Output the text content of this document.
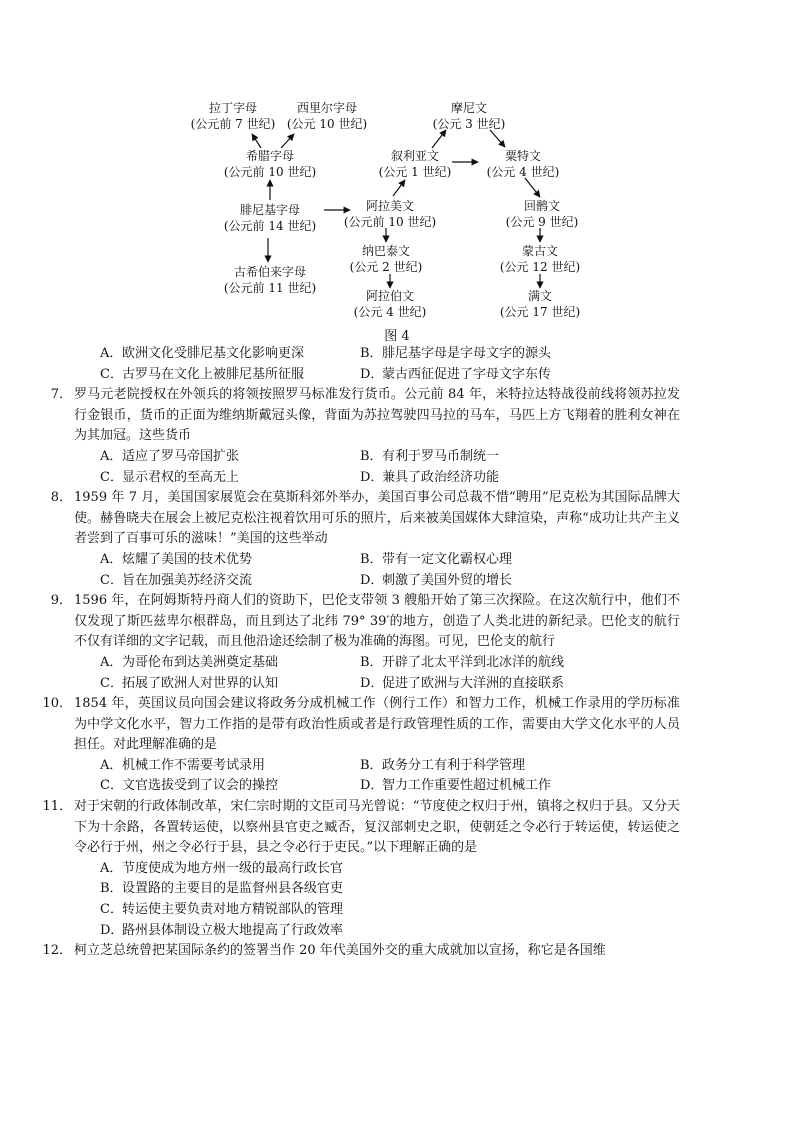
拉丁字母
(公元前 7 世纪)
西里尔字母
(公元 10 世纪)
希腊字母
(公元前 10 世纪)
腓尼基字母
(公元前 14 世纪)
古希伯来字母
(公元前 11 世纪)
摩尼文
(公元 3 世纪)
叙利亚文
(公元 1 世纪)
粟特文
(公元 4 世纪)
阿拉美文
(公元前 10 世纪)
回鹘文
(公元 9 世纪)
纳巴泰文
(公元 2 世纪)
蒙古文
(公元 12 世纪)
阿拉伯文
(公元 4 世纪)
满文
(公元 17 世纪)
图 4
A．欧洲文化受腓尼基文化影响更深	B．腓尼基字母是字母文字的源头
C．古罗马在文化上被腓尼基所征服	D．蒙古西征促进了字母文字东传
7． 罗马元老院授权在外领兵的将领按照罗马标准发行货币。公元前 84 年，米特拉达特战役前线将领苏拉发行金银币，货币的正面为维纳斯戴冠头像，背面为苏拉驾驶四马拉的马车，马匹上方飞翔着的胜利女神在为其加冠。这些货币
A．适应了罗马帝国扩张	B．有利于罗马币制统一
C．显示君权的至高无上	D．兼具了政治经济功能
8． 1959 年 7 月，美国国家展览会在莫斯科郊外举办，美国百事公司总裁不惜“聘用”尼克松为其国际品牌大使。赫鲁晓夫在展会上被尼克松注视着饮用可乐的照片，后来被美国媒体大肆渲染，声称“成功让共产主义者尝到了百事可乐的滋味！”美国的这些举动
A．炫耀了美国的技术优势	B．带有一定文化霸权心理
C．旨在加强美苏经济交流	D．刺激了美国外贸的增长
9． 1596 年，在阿姆斯特丹商人们的资助下，巴伦支带领 3 艘船开始了第三次探险。在这次航行中，他们不仅发现了斯匹兹卑尔根群岛，而且到达了北纬 79° 39′的地方，创造了人类北进的新纪录。巴伦支的航行不仅有详细的文字记载，而且他沿途还绘制了极为准确的海图。可见，巴伦支的航行
A．为哥伦布到达美洲奠定基础	B．开辟了北太平洋到北冰洋的航线
C．拓展了欧洲人对世界的认知	D．促进了欧洲与大洋洲的直接联系
10． 1854 年，英国议员向国会建议将政务分成机械工作（例行工作）和智力工作，机械工作录用的学历标准为中学文化水平，智力工作指的是带有政治性质或者是行政管理性质的工作，需要由大学文化水平的人员担任。对此理解准确的是
A．机械工作不需要考试录用	B．政务分工有利于科学管理
C．文官选拔受到了议会的操控	D．智力工作重要性超过机械工作
11． 对于宋朝的行政体制改革，宋仁宗时期的文臣司马光曾说：“节度使之权归于州，镇将之权归于县。又分天下为十余路，各置转运使，以察州县官吏之臧否，复汉部刺史之职，使朝廷之令必行于转运使，转运使之令必行于州，州之令必行于县，县之令必行于吏民。”以下理解正确的是
A．节度使成为地方州一级的最高行政长官
B．设置路的主要目的是监督州县各级官吏
C．转运使主要负责对地方精锐部队的管理
D．路州县体制设立极大地提高了行政效率
12． 柯立芝总统曾把某国际条约的签署当作 20 年代美国外交的重大成就加以宣扬，称它是各国维
